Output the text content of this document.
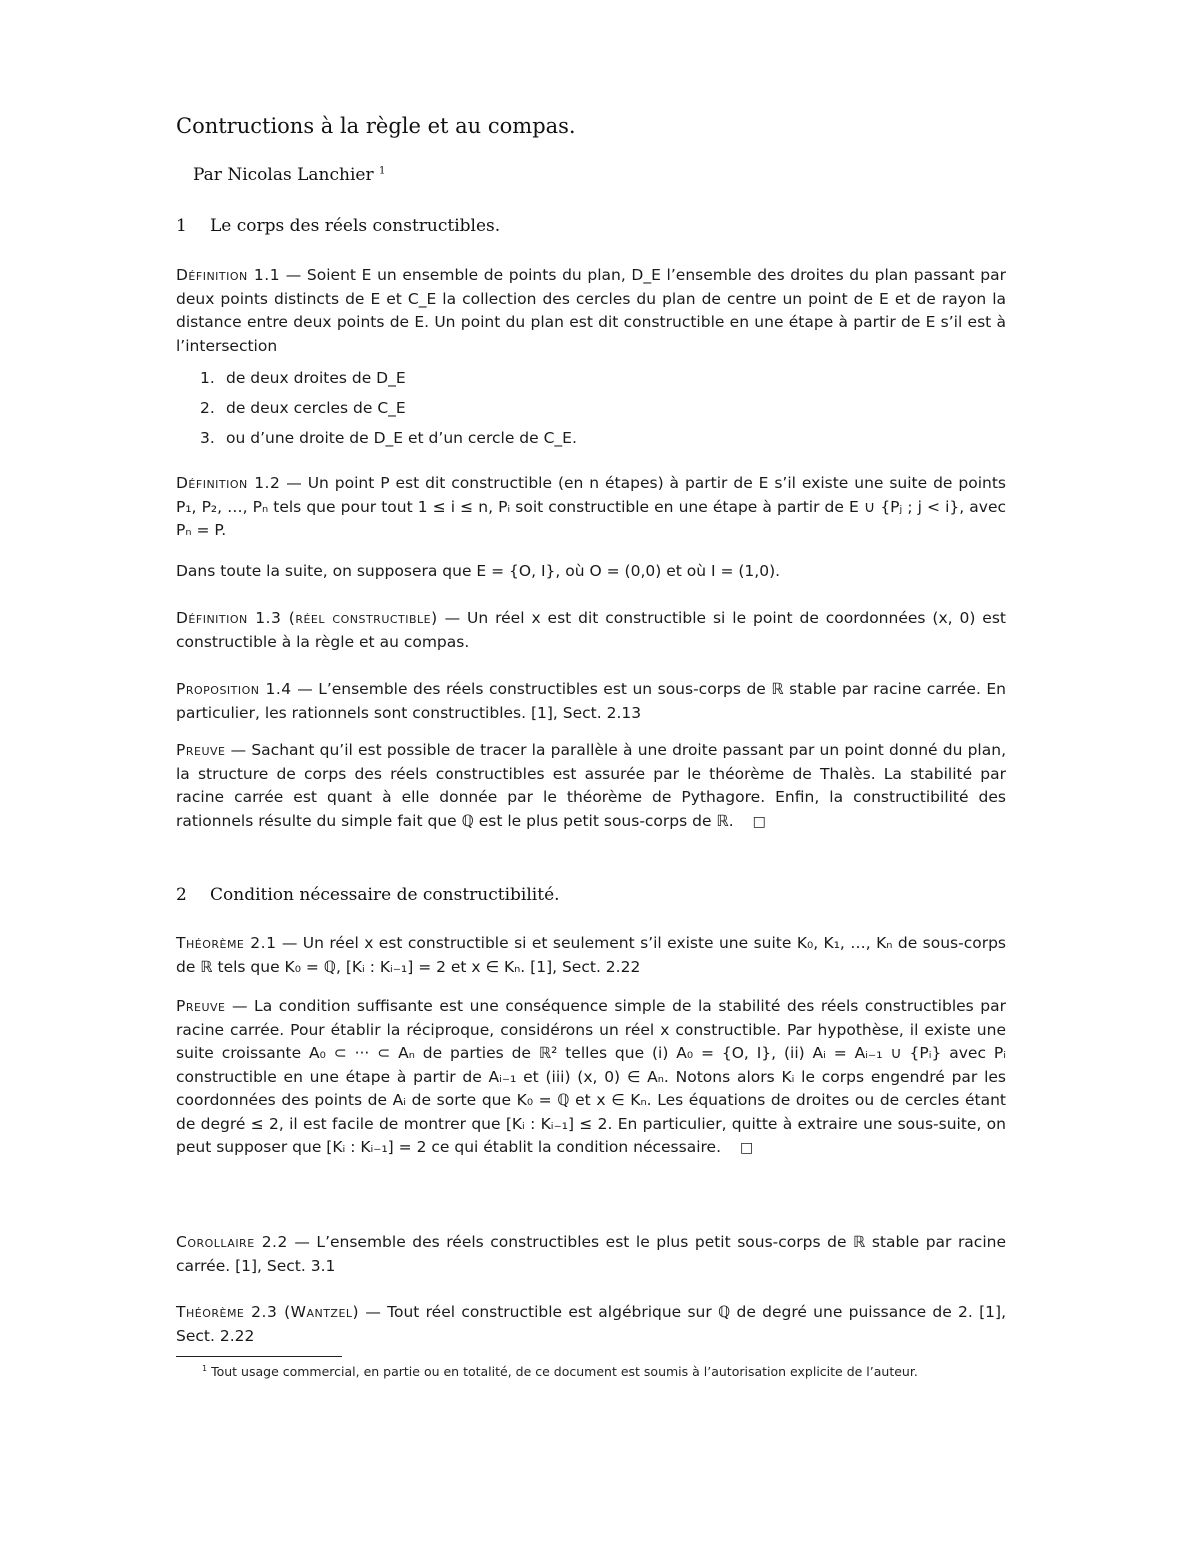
Contructions à la règle et au compas.
Par Nicolas Lanchier $^1$
1 Le corps des réels constructibles.
Définition 1.1 — Soient E un ensemble de points du plan, D_E l’ensemble des droites du plan passant par deux points distincts de E et C_E la collection des cercles du plan de centre un point de E et de rayon la distance entre deux points de E. Un point du plan est dit constructible en une étape à partir de E s’il est à l’intersection
1. de deux droites de D_E
2. de deux cercles de C_E
3. ou d’une droite de D_E et d’un cercle de C_E.
Définition 1.2 — Un point P est dit constructible (en n étapes) à partir de E s’il existe une suite de points P₁, P₂, …, Pₙ tels que pour tout 1 ≤ i ≤ n, Pᵢ soit constructible en une étape à partir de E ∪ {Pⱼ ; j < i}, avec Pₙ = P.
Dans toute la suite, on supposera que E = {O, I}, où O = (0,0) et où I = (1,0).
Définition 1.3 (réel constructible) — Un réel x est dit constructible si le point de coordonnées (x, 0) est constructible à la règle et au compas.
Proposition 1.4 — L’ensemble des réels constructibles est un sous-corps de ℝ stable par racine carrée. En particulier, les rationnels sont constructibles. [1], Sect. 2.13
Preuve — Sachant qu’il est possible de tracer la parallèle à une droite passant par un point donné du plan, la structure de corps des réels constructibles est assurée par le théorème de Thalès. La stabilité par racine carrée est quant à elle donnée par le théorème de Pythagore. Enfin, la constructibilité des rationnels résulte du simple fait que ℚ est le plus petit sous-corps de ℝ. □
2 Condition nécessaire de constructibilité.
Théorème 2.1 — Un réel x est constructible si et seulement s’il existe une suite K₀, K₁, …, Kₙ de sous-corps de ℝ tels que K₀ = ℚ, [Kᵢ : Kᵢ₋₁] = 2 et x ∈ Kₙ. [1], Sect. 2.22
Preuve — La condition suffisante est une conséquence simple de la stabilité des réels constructibles par racine carrée. Pour établir la réciproque, considérons un réel x constructible. Par hypothèse, il existe une suite croissante A₀ ⊂ ··· ⊂ Aₙ de parties de ℝ² telles que (i) A₀ = {O, I}, (ii) Aᵢ = Aᵢ₋₁ ∪ {Pᵢ} avec Pᵢ constructible en une étape à partir de Aᵢ₋₁ et (iii) (x, 0) ∈ Aₙ. Notons alors Kᵢ le corps engendré par les coordonnées des points de Aᵢ de sorte que K₀ = ℚ et x ∈ Kₙ. Les équations de droites ou de cercles étant de degré ≤ 2, il est facile de montrer que [Kᵢ : Kᵢ₋₁] ≤ 2. En particulier, quitte à extraire une sous-suite, on peut supposer que [Kᵢ : Kᵢ₋₁] = 2 ce qui établit la condition nécessaire. □
Corollaire 2.2 — L’ensemble des réels constructibles est le plus petit sous-corps de ℝ stable par racine carrée. [1], Sect. 3.1
Théorème 2.3 (Wantzel) — Tout réel constructible est algébrique sur ℚ de degré une puissance de 2. [1], Sect. 2.22
$^1$ Tout usage commercial, en partie ou en totalité, de ce document est soumis à l’autorisation explicite de l’auteur.
